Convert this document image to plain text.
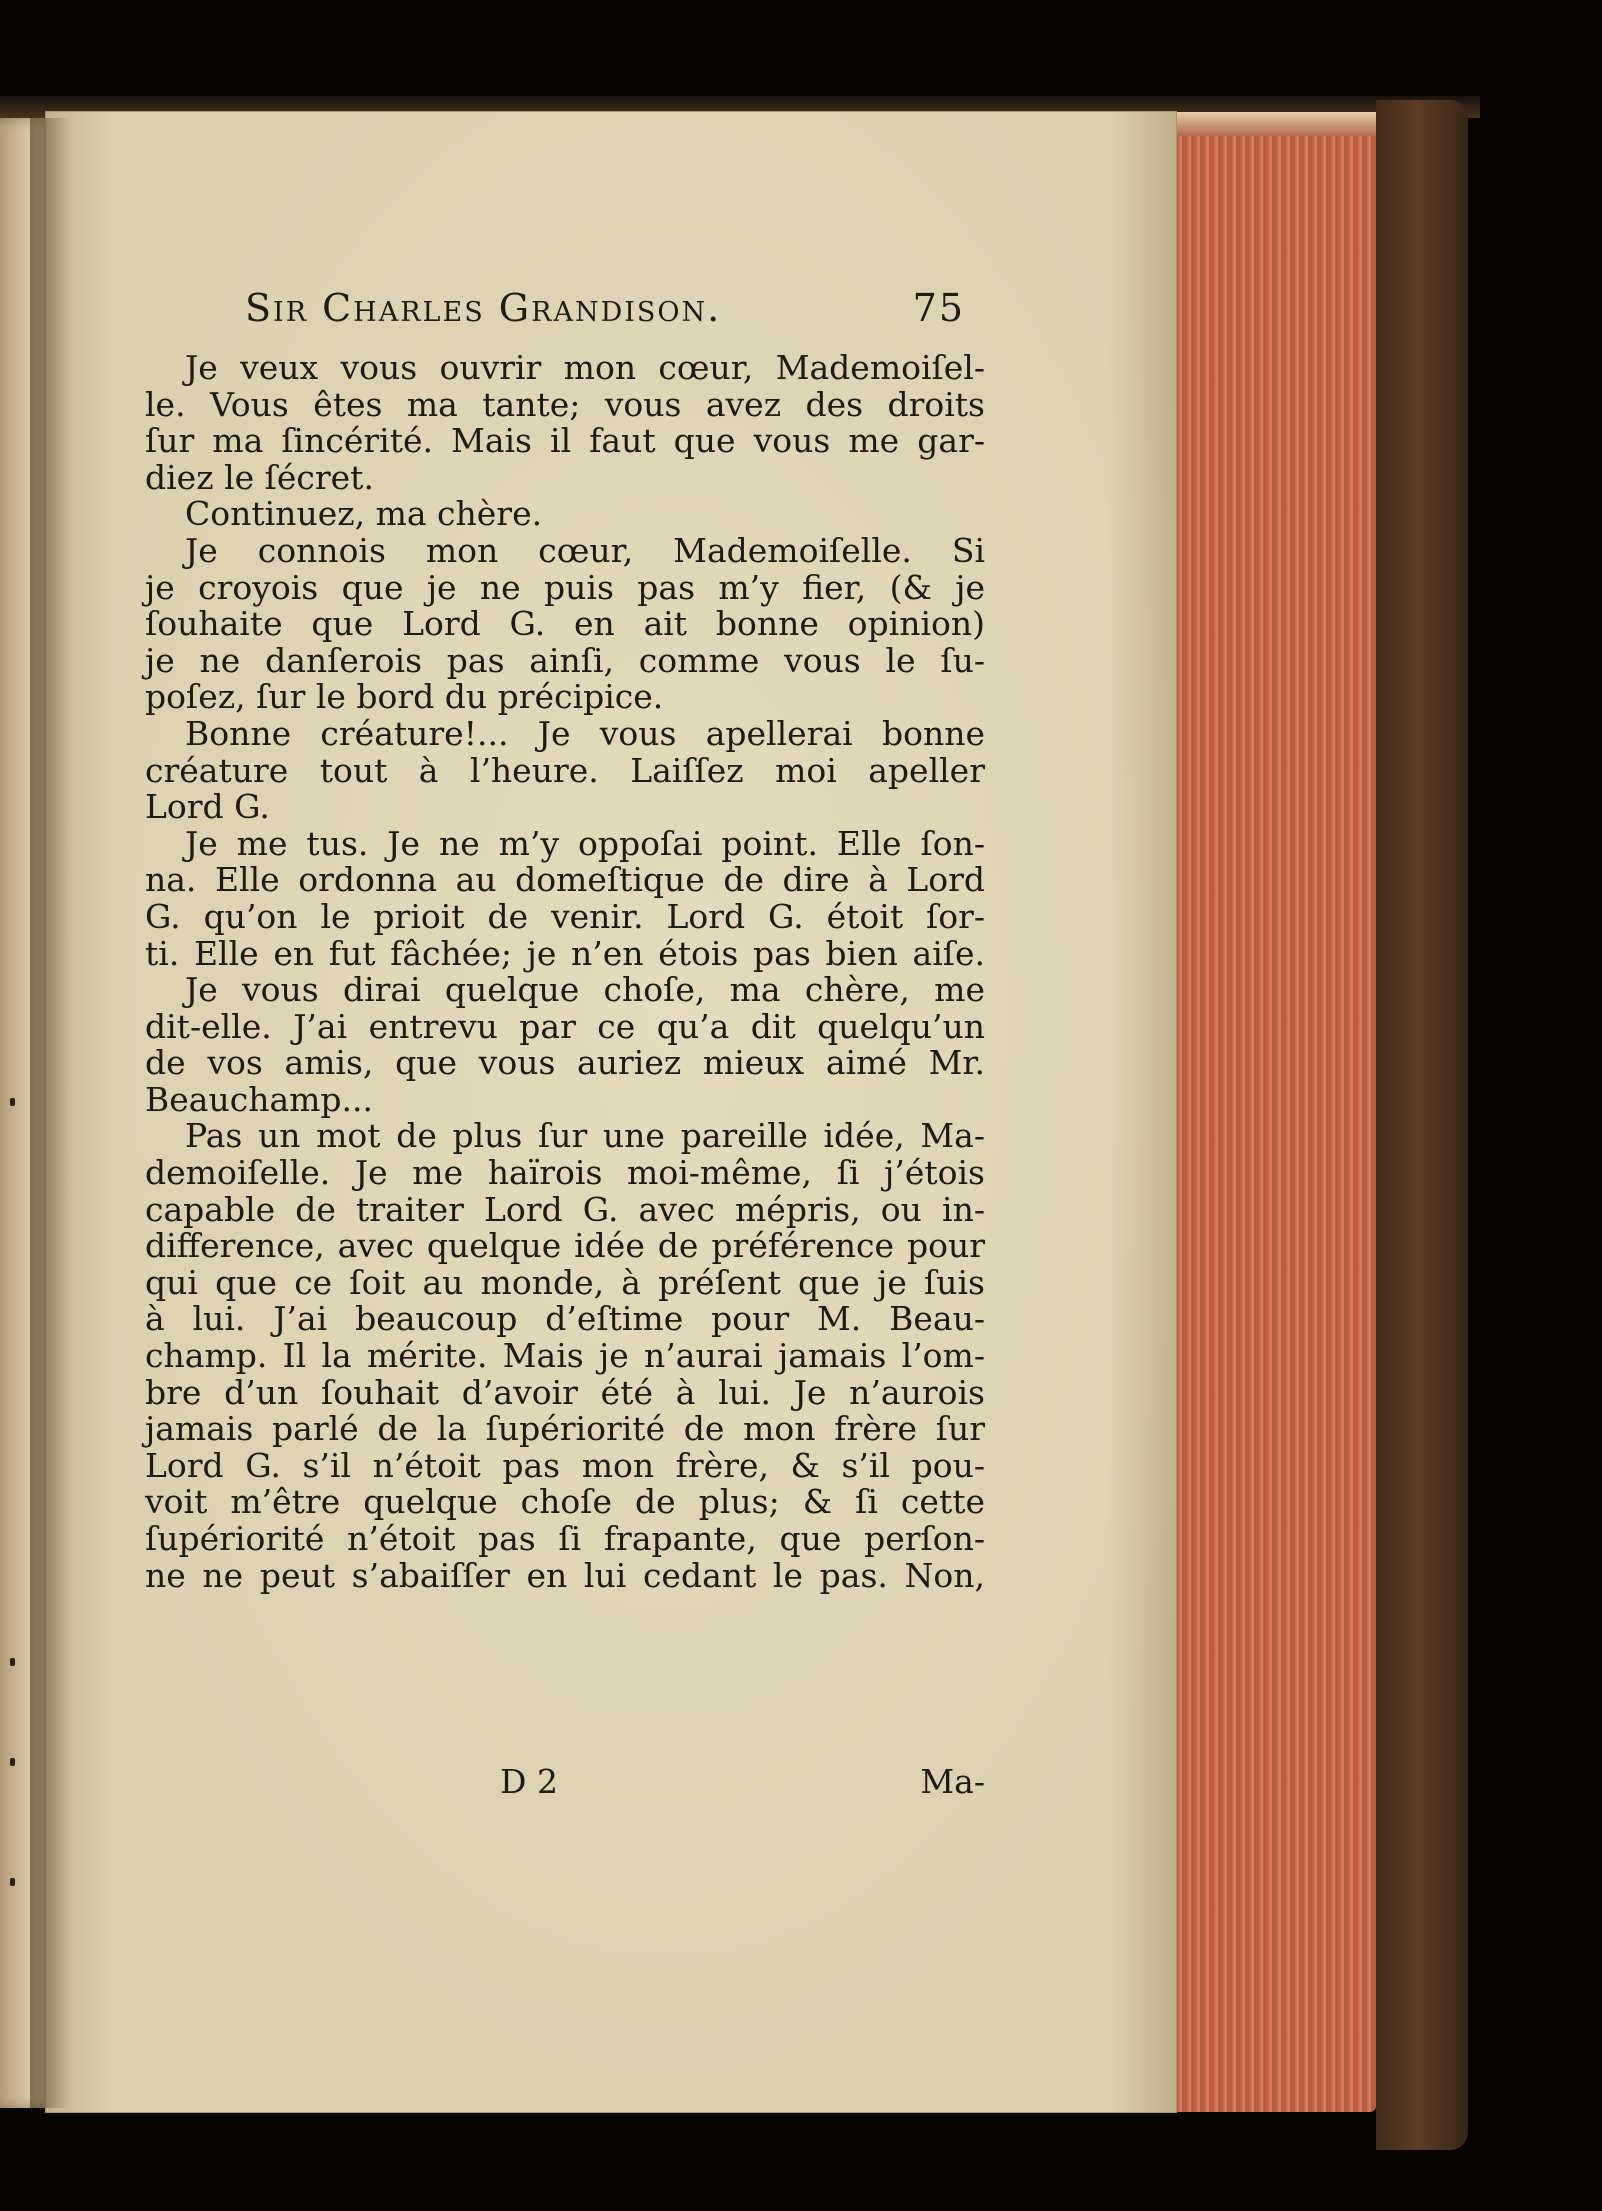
Sir Charles Grandison.	75
Je veux vous ouvrir mon cœur, Mademoiſel-
le. Vous êtes ma tante; vous avez des droits
ſur ma ſincérité. Mais il faut que vous me gar-
diez le ſécret.
Continuez, ma chère.
Je connois mon cœur, Mademoiſelle. Si
je croyois que je ne puis pas m’y fier, (& je
ſouhaite que Lord G. en ait bonne opinion)
je ne danſerois pas ainſi, comme vous le ſu-
poſez, ſur le bord du précipice.
Bonne créature!... Je vous apellerai bonne
créature tout à l’heure. Laiſſez moi apeller
Lord G.
Je me tus. Je ne m’y oppoſai point. Elle ſon-
na. Elle ordonna au domeſtique de dire à Lord
G. qu’on le prioit de venir. Lord G. étoit ſor-
ti. Elle en fut fâchée; je n’en étois pas bien aiſe.
Je vous dirai quelque choſe, ma chère, me
dit-elle. J’ai entrevu par ce qu’a dit quelqu’un
de vos amis, que vous auriez mieux aimé Mr.
Beauchamp...
Pas un mot de plus ſur une pareille idée, Ma-
demoiſelle. Je me haïrois moi-même, ſi j’étois
capable de traiter Lord G. avec mépris, ou in-
difference, avec quelque idée de préférence pour
qui que ce ſoit au monde, à préſent que je ſuis
à lui. J’ai beaucoup d’eſtime pour M. Beau-
champ. Il la mérite. Mais je n’aurai jamais l’om-
bre d’un ſouhait d’avoir été à lui. Je n’aurois
jamais parlé de la ſupériorité de mon frère ſur
Lord G. s’il n’étoit pas mon frère, & s’il pou-
voit m’être quelque choſe de plus; & ſi cette
ſupériorité n’étoit pas ſi frapante, que perſon-
ne ne peut s’abaiſſer en lui cedant le pas. Non,
D 2	Ma-
